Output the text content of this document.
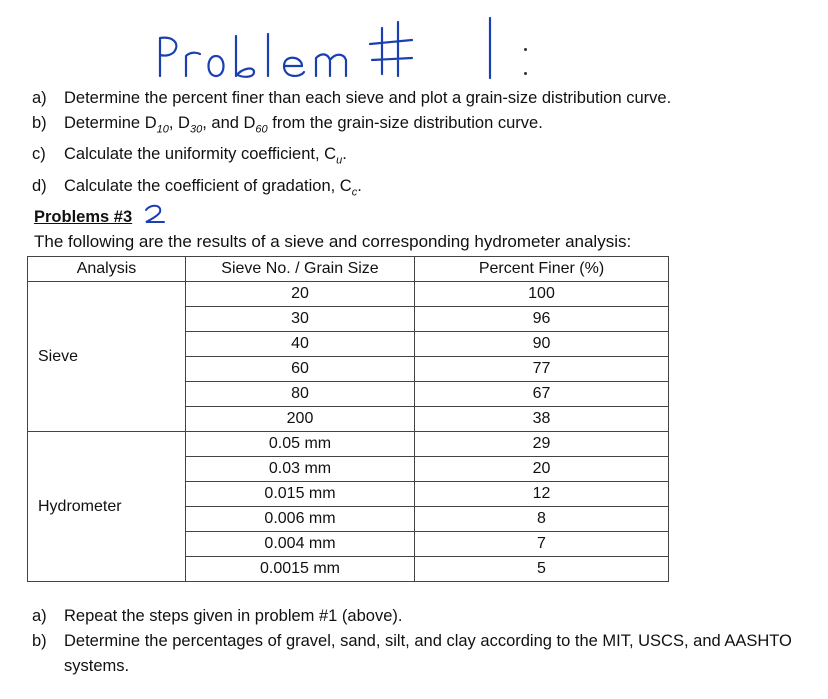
a) Determine the percent finer than each sieve and plot a grain-size distribution curve.
b) Determine $D_{10}$, $D_{30}$, and $D_{60}$ from the grain-size distribution curve.
c) Calculate the uniformity coefficient, $C_u$.
d) Calculate the coefficient of gradation, $C_c$.
Problems #3
The following are the results of a sieve and corresponding hydrometer analysis:
Analysis	Sieve No. / Grain Size	Percent Finer (%)
Sieve	20	100
	30	96
	40	90
	60	77
	80	67
	200	38
Hydrometer	0.05 mm	29
	0.03 mm	20
	0.015 mm	12
	0.006 mm	8
	0.004 mm	7
	0.0015 mm	5
a) Repeat the steps given in problem #1 (above).
b) Determine the percentages of gravel, sand, silt, and clay according to the MIT, USCS, and AASHTO systems.
